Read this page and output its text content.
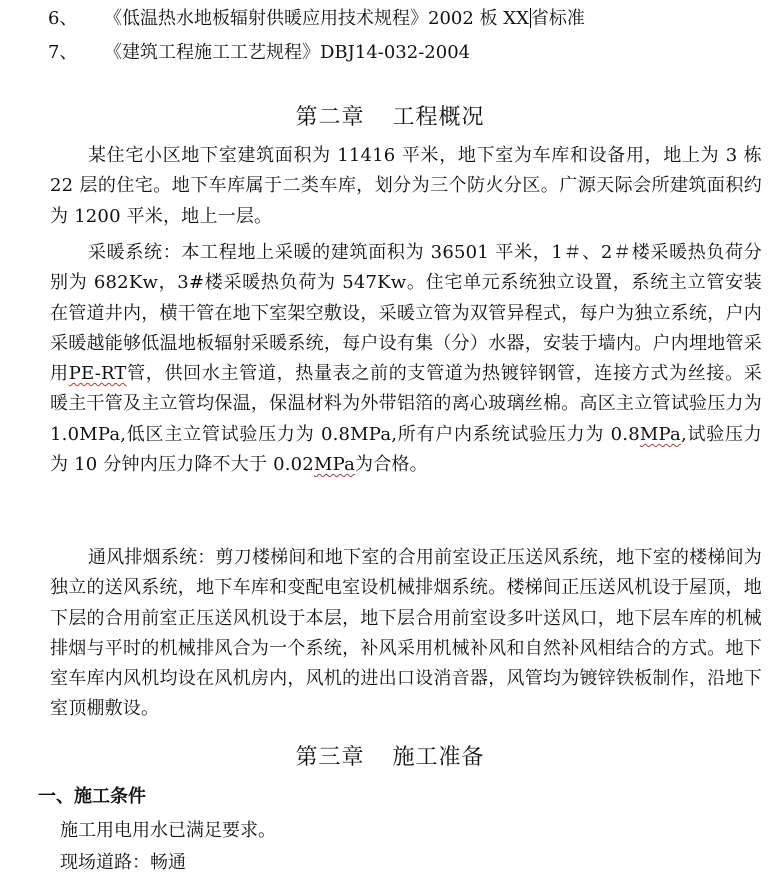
6、 《低温热水地板辐射供暖应用技术规程》2002 板 XX 省标准
7、 《建筑工程施工工艺规程》DBJ14-032-2004
第二章 工程概况

某住宅小区地下室建筑面积为 11416 平米，地下室为车库和设备用，地上为 3 栋 22 层的住宅。地下车库属于二类车库，划分为三个防火分区。广源天际会所建筑面积约为 1200 平米，地上一层。

采暖系统：本工程地上采暖的建筑面积为 36501 平米，1＃、2＃楼采暖热负荷分别为 682Kw，3#楼采暖热负荷为 547Kw。住宅单元系统独立设置，系统主立管安装在管道井内，横干管在地下室架空敷设，采暖立管为双管异程式，每户为独立系统，户内采暖越能够低温地板辐射采暖系统，每户设有集（分）水器，安装于墙内。户内埋地管采用PE-RT管，供回水主管道，热量表之前的支管道为热镀锌钢管，连接方式为丝接。采暖主干管及主立管均保温，保温材料为外带铝箔的离心玻璃丝棉。高区主立管试验压力为 1.0MPa,低区主立管试验压力为 0.8MPa,所有户内系统试验压力为 0.8MPa,试验压力为 10 分钟内压力降不大于 0.02MPa为合格。

通风排烟系统：剪刀楼梯间和地下室的合用前室设正压送风系统，地下室的楼梯间为独立的送风系统，地下车库和变配电室设机械排烟系统。楼梯间正压送风机设于屋顶，地下层的合用前室正压送风机设于本层，地下层合用前室设多叶送风口，地下层车库的机械排烟与平时的机械排风合为一个系统，补风采用机械补风和自然补风相结合的方式。地下室车库内风机均设在风机房内，风机的进出口设消音器，风管均为镀锌铁板制作，沿地下室顶棚敷设。

第三章 施工准备
一、施工条件
施工用电用水已满足要求。
现场道路：畅通
